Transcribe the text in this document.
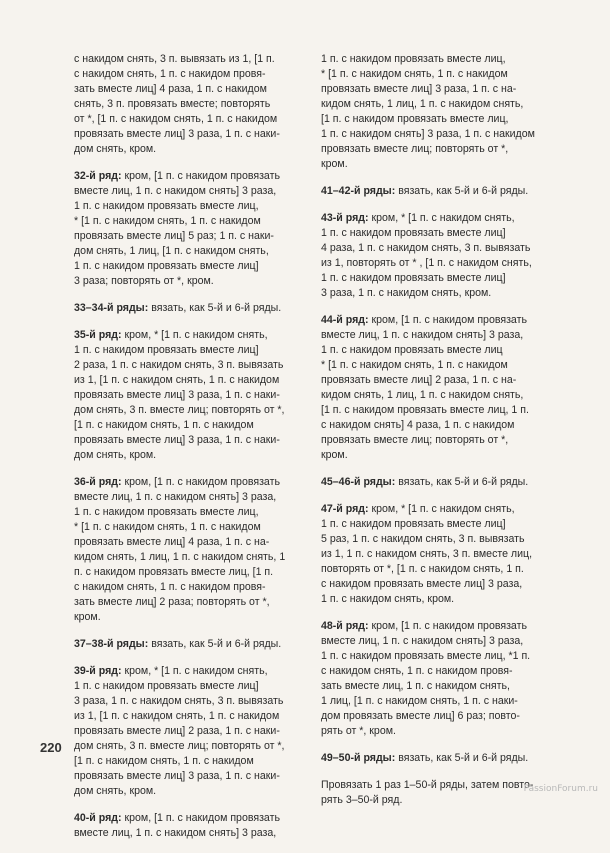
с накидом снять, 3 п. вывязать из 1, [1 п.
с накидом снять, 1 п. с накидом провя-
зать вместе лиц] 4 раза, 1 п. с накидом
снять, 3 п. провязать вместе; повторять
от *, [1 п. с накидом снять, 1 п. с накидом
провязать вместе лиц] 3 раза, 1 п. с наки-
дом снять, кром.

32-й ряд: кром, [1 п. с накидом провязать
вместе лиц, 1 п. с накидом снять] 3 раза,
1 п. с накидом провязать вместе лиц,
* [1 п. с накидом снять, 1 п. с накидом
провязать вместе лиц] 5 раз; 1 п. с наки-
дом снять, 1 лиц, [1 п. с накидом снять,
1 п. с накидом провязать вместе лиц]
3 раза; повторять от *, кром.

33–34-й ряды: вязать, как 5-й и 6-й ряды.

35-й ряд: кром, * [1 п. с накидом снять,
1 п. с накидом провязать вместе лиц]
2 раза, 1 п. с накидом снять, 3 п. вывязать
из 1, [1 п. с накидом снять, 1 п. с накидом
провязать вместе лиц] 3 раза, 1 п. с наки-
дом снять, 3 п. вместе лиц; повторять от *,
[1 п. с накидом снять, 1 п. с накидом
провязать вместе лиц] 3 раза, 1 п. с наки-
дом снять, кром.

36-й ряд: кром, [1 п. с накидом провязать
вместе лиц, 1 п. с накидом снять] 3 раза,
1 п. с накидом провязать вместе лиц,
* [1 п. с накидом снять, 1 п. с накидом
провязать вместе лиц] 4 раза, 1 п. с на-
кидом снять, 1 лиц, 1 п. с накидом снять, 1
п. с накидом провязать вместе лиц, [1 п.
с накидом снять, 1 п. с накидом провя-
зать вместе лиц] 2 раза; повторять от *,
кром.

37–38-й ряды: вязать, как 5-й и 6-й ряды.

39-й ряд: кром, * [1 п. с накидом снять,
1 п. с накидом провязать вместе лиц]
3 раза, 1 п. с накидом снять, 3 п. вывязать
из 1, [1 п. с накидом снять, 1 п. с накидом
провязать вместе лиц] 2 раза, 1 п. с наки-
дом снять, 3 п. вместе лиц; повторять от *,
[1 п. с накидом снять, 1 п. с накидом
провязать вместе лиц] 3 раза, 1 п. с наки-
дом снять, кром.

40-й ряд: кром, [1 п. с накидом провязать
вместе лиц, 1 п. с накидом снять] 3 раза,

1 п. с накидом провязать вместе лиц,
* [1 п. с накидом снять, 1 п. с накидом
провязать вместе лиц] 3 раза, 1 п. с на-
кидом снять, 1 лиц, 1 п. с накидом снять,
[1 п. с накидом провязать вместе лиц,
1 п. с накидом снять] 3 раза, 1 п. с накидом
провязать вместе лиц; повторять от *,
кром.

41–42-й ряды: вязать, как 5-й и 6-й ряды.

43-й ряд: кром, * [1 п. с накидом снять,
1 п. с накидом провязать вместе лиц]
4 раза, 1 п. с накидом снять, 3 п. вывязать
из 1, повторять от * , [1 п. с накидом снять,
1 п. с накидом провязать вместе лиц]
3 раза, 1 п. с накидом снять, кром.

44-й ряд: кром, [1 п. с накидом провязать
вместе лиц, 1 п. с накидом снять] 3 раза,
1 п. с накидом провязать вместе лиц
* [1 п. с накидом снять, 1 п. с накидом
провязать вместе лиц] 2 раза, 1 п. с на-
кидом снять, 1 лиц, 1 п. с накидом снять,
[1 п. с накидом провязать вместе лиц, 1 п.
с накидом снять] 4 раза, 1 п. с накидом
провязать вместе лиц; повторять от *,
кром.

45–46-й ряды: вязать, как 5-й и 6-й ряды.

47-й ряд: кром, * [1 п. с накидом снять,
1 п. с накидом провязать вместе лиц]
5 раз, 1 п. с накидом снять, 3 п. вывязать
из 1, 1 п. с накидом снять, 3 п. вместе лиц,
повторять от *, [1 п. с накидом снять, 1 п.
с накидом провязать вместе лиц] 3 раза,
1 п. с накидом снять, кром.

48-й ряд: кром, [1 п. с накидом провязать
вместе лиц, 1 п. с накидом снять] 3 раза,
1 п. с накидом провязать вместе лиц, *1 п.
с накидом снять, 1 п. с накидом провя-
зать вместе лиц, 1 п. с накидом снять,
1 лиц, [1 п. с накидом снять, 1 п. с наки-
дом провязать вместе лиц] 6 раз; повто-
рять от *, кром.

49–50-й ряды: вязать, как 5-й и 6-й ряды.

Провязать 1 раз 1–50-й ряды, затем повто-
рять 3–50-й ряд.

220
PassionForum.ru
